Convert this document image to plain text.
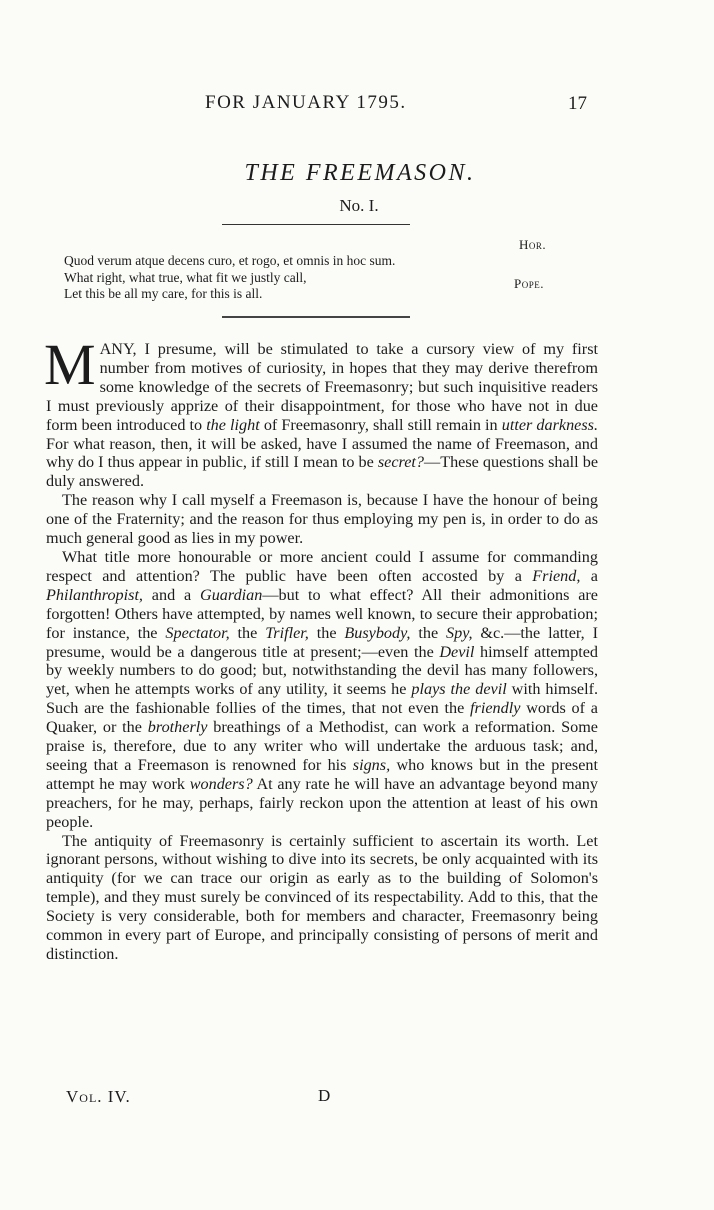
FOR JANUARY 1795.	17
THE FREEMASON.
No. I.
Quod verum atque decens curo, et rogo, et omnis in hoc sum.
Hor.
What right, what true, what fit we justly call,
Let this be all my care, for this is all.
Pope.

MANY, I presume, will be stimulated to take a cursory view of my first number from motives of curiosity, in hopes that they may derive therefrom some knowledge of the secrets of Freemasonry; but such inquisitive readers I must previously apprize of their disappointment, for those who have not in due form been introduced to the light of Freemasonry, shall still remain in utter darkness. For what reason, then, it will be asked, have I assumed the name of Freemason, and why do I thus appear in public, if still I mean to be secret?—These questions shall be duly answered.

The reason why I call myself a Freemason is, because I have the honour of being one of the Fraternity; and the reason for thus employing my pen is, in order to do as much general good as lies in my power.

What title more honourable or more ancient could I assume for commanding respect and attention? The public have been often accosted by a Friend, a Philanthropist, and a Guardian—but to what effect? All their admonitions are forgotten! Others have attempted, by names well known, to secure their approbation; for instance, the Spectator, the Trifler, the Busybody, the Spy, &c.—the latter, I presume, would be a dangerous title at present;—even the Devil himself attempted by weekly numbers to do good; but, notwithstanding the devil has many followers, yet, when he attempts works of any utility, it seems he plays the devil with himself. Such are the fashionable follies of the times, that not even the friendly words of a Quaker, or the brotherly breathings of a Methodist, can work a reformation. Some praise is, therefore, due to any writer who will undertake the arduous task; and, seeing that a Freemason is renowned for his signs, who knows but in the present attempt he may work wonders? At any rate he will have an advantage beyond many preachers, for he may, perhaps, fairly reckon upon the attention at least of his own people.

The antiquity of Freemasonry is certainly sufficient to ascertain its worth. Let ignorant persons, without wishing to dive into its secrets, be only acquainted with its antiquity (for we can trace our origin as early as to the building of Solomon's temple), and they must surely be convinced of its respectability. Add to this, that the Society is very considerable, both for members and character, Freemasonry being common in every part of Europe, and principally consisting of persons of merit and distinction.

Vol. IV.	D
